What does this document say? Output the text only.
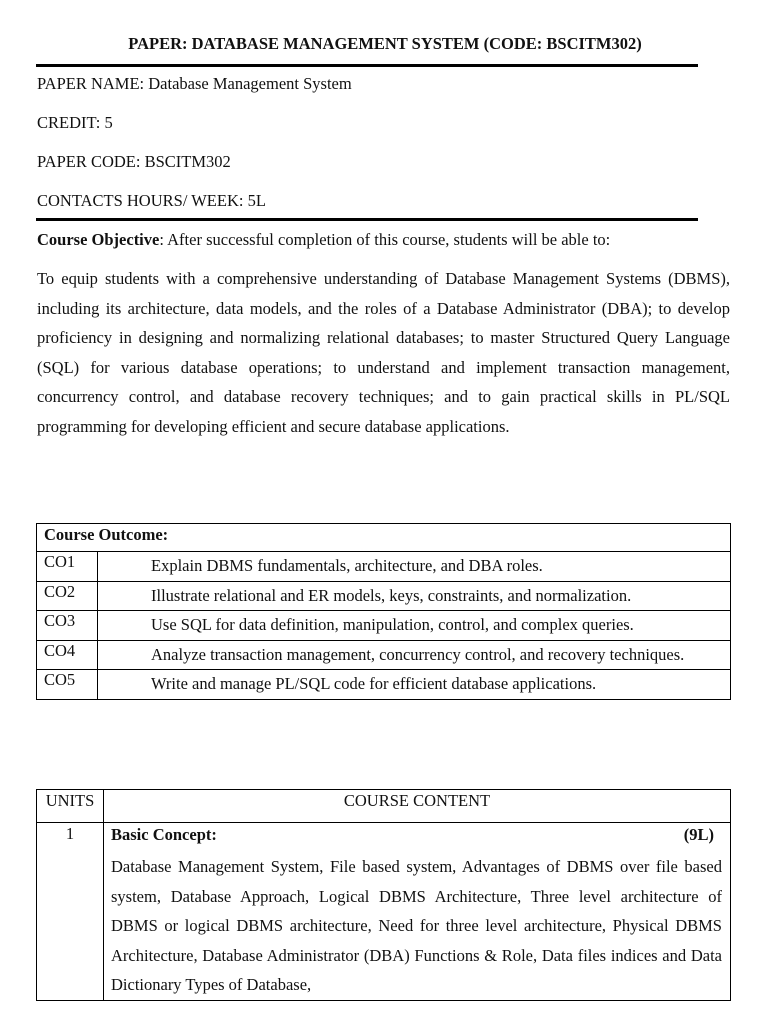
PAPER: DATABASE MANAGEMENT SYSTEM (CODE: BSCITM302)
PAPER NAME: Database Management System
CREDIT: 5
PAPER CODE: BSCITM302
CONTACTS HOURS/ WEEK: 5L
Course Objective: After successful completion of this course, students will be able to:
To equip students with a comprehensive understanding of Database Management Systems (DBMS), including its architecture, data models, and the roles of a Database Administrator (DBA); to develop proficiency in designing and normalizing relational databases; to master Structured Query Language (SQL) for various database operations; to understand and implement transaction management, concurrency control, and database recovery techniques; and to gain practical skills in PL/SQL programming for developing efficient and secure database applications.
Course Outcome:	
CO1	Explain DBMS fundamentals, architecture, and DBA roles.
CO2	Illustrate relational and ER models, keys, constraints, and normalization.
CO3	Use SQL for data definition, manipulation, control, and complex queries.
CO4	Analyze transaction management, concurrency control, and recovery techniques.
CO5	Write and manage PL/SQL code for efficient database applications.
UNITS	COURSE CONTENT
1	Basic Concept: (9L)
Database Management System, File based system, Advantages of DBMS over file based system, Database Approach, Logical DBMS Architecture, Three level architecture of DBMS or logical DBMS architecture, Need for three level architecture, Physical DBMS Architecture, Database Administrator (DBA) Functions & Role, Data files indices and Data Dictionary Types of Database,
